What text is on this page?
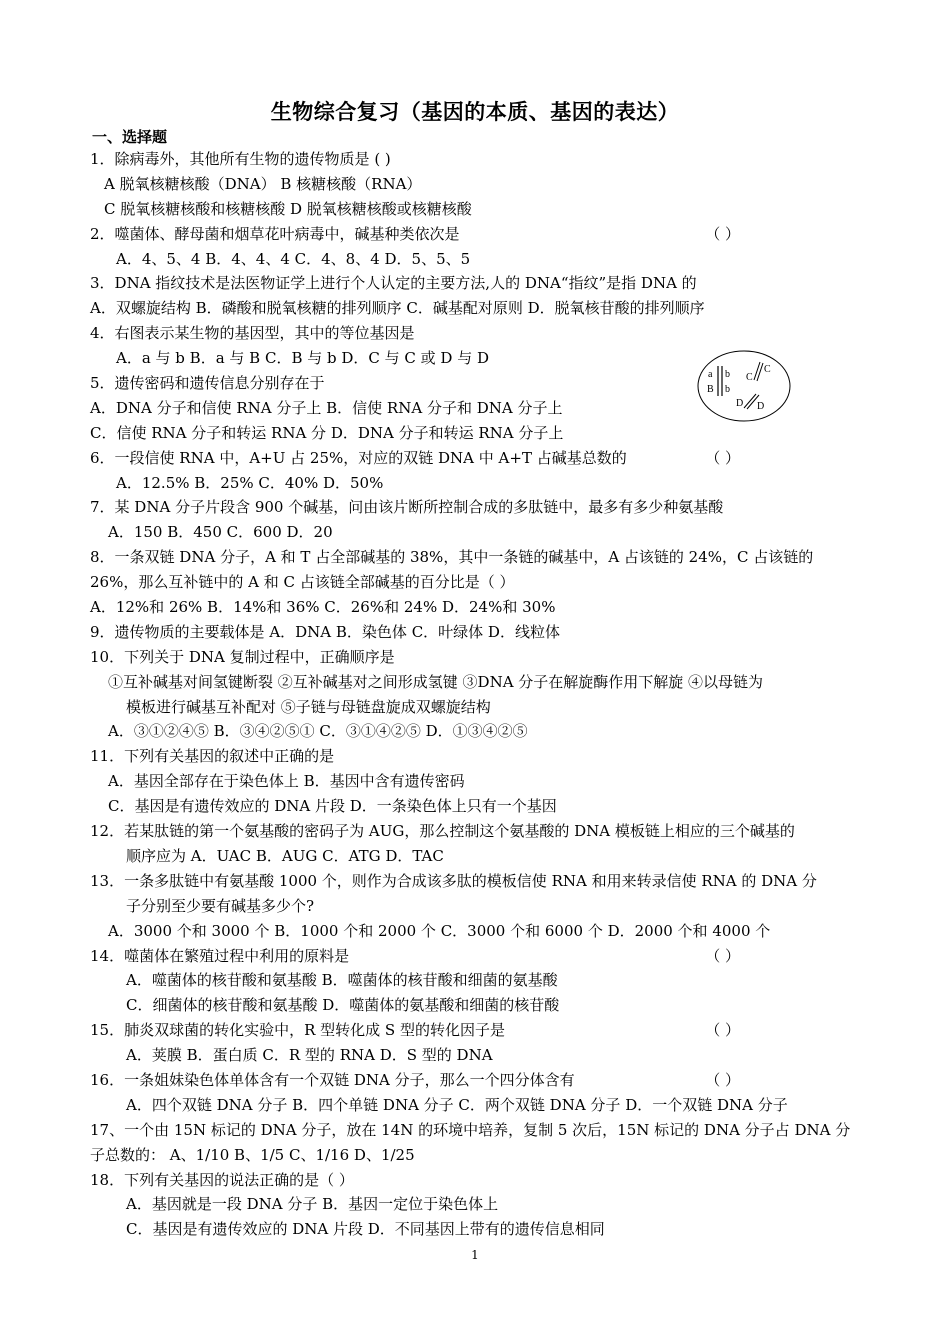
生物综合复习（基因的本质、基因的表达）
一、选择题
1．除病毒外，其他所有生物的遗传物质是 ( )
A 脱氧核糖核酸（DNA） B 核糖核酸（RNA）
C 脱氧核糖核酸和核糖核酸 D 脱氧核糖核酸或核糖核酸
2．噬菌体、酵母菌和烟草花叶病毒中，碱基种类依次是	（ ）
A．4、5、4 B．4、4、4 C．4、8、4 D．5、5、5
3．DNA 指纹技术是法医物证学上进行个人认定的主要方法,人的 DNA“指纹”是指 DNA 的
A．双螺旋结构 B．磷酸和脱氧核糖的排列顺序 C．碱基配对原则 D．脱氧核苷酸的排列顺序
4．右图表示某生物的基因型，其中的等位基因是
A．a 与 b B．a 与 B C．B 与 b D．C 与 C 或 D 与 D
5．遗传密码和遗传信息分别存在于
A．DNA 分子和信使 RNA 分子上 B．信使 RNA 分子和 DNA 分子上
C．信使 RNA 分子和转运 RNA 分 D．DNA 分子和转运 RNA 分子上
6．一段信使 RNA 中，A+U 占 25%，对应的双链 DNA 中 A+T 占碱基总数的	（ ）
A．12.5% B．25% C．40% D．50%
7．某 DNA 分子片段含 900 个碱基，问由该片断所控制合成的多肽链中，最多有多少种氨基酸
A．150 B．450 C．600 D．20
8．一条双链 DNA 分子，A 和 T 占全部碱基的 38%，其中一条链的碱基中，A 占该链的 24%，C 占该链的
26%，那么互补链中的 A 和 C 占该链全部碱基的百分比是（ ）
A．12%和 26% B．14%和 36% C．26%和 24% D．24%和 30%
9．遗传物质的主要载体是 A．DNA B．染色体 C．叶绿体 D．线粒体
10．下列关于 DNA 复制过程中，正确顺序是
①互补碱基对间氢键断裂 ②互补碱基对之间形成氢键 ③DNA 分子在解旋酶作用下解旋 ④以母链为
模板进行碱基互补配对 ⑤子链与母链盘旋成双螺旋结构
A．③①②④⑤ B．③④②⑤① C．③①④②⑤ D．①③④②⑤
11．下列有关基因的叙述中正确的是
A．基因全部存在于染色体上 B．基因中含有遗传密码
C．基因是有遗传效应的 DNA 片段 D．一条染色体上只有一个基因
12．若某肽链的第一个氨基酸的密码子为 AUG，那么控制这个氨基酸的 DNA 模板链上相应的三个碱基的
顺序应为 A．UAC B．AUG C．ATG D．TAC
13．一条多肽链中有氨基酸 1000 个，则作为合成该多肽的模板信使 RNA 和用来转录信使 RNA 的 DNA 分
子分别至少要有碱基多少个?
A．3000 个和 3000 个 B．1000 个和 2000 个 C．3000 个和 6000 个 D．2000 个和 4000 个
14．噬菌体在繁殖过程中利用的原料是	（ ）
A．噬菌体的核苷酸和氨基酸 B．噬菌体的核苷酸和细菌的氨基酸
C．细菌体的核苷酸和氨基酸 D．噬菌体的氨基酸和细菌的核苷酸
15．肺炎双球菌的转化实验中，R 型转化成 S 型的转化因子是	（ ）
A．荚膜 B．蛋白质 C．R 型的 RNA D．S 型的 DNA
16．一条姐妹染色体单体含有一个双链 DNA 分子，那么一个四分体含有	（ ）
A．四个双链 DNA 分子 B．四个单链 DNA 分子 C．两个双链 DNA 分子 D．一个双链 DNA 分子
17、一个由 15N 标记的 DNA 分子，放在 14N 的环境中培养，复制 5 次后，15N 标记的 DNA 分子占 DNA 分
子总数的： A、1/10 B、1/5 C、1/16 D、1/25
18．下列有关基因的说法正确的是（ ）
A．基因就是一段 DNA 分子 B．基因一定位于染色体上
C．基因是有遗传效应的 DNA 片段 D．不同基因上带有的遗传信息相同
a b
B b
C
C
D D
1
